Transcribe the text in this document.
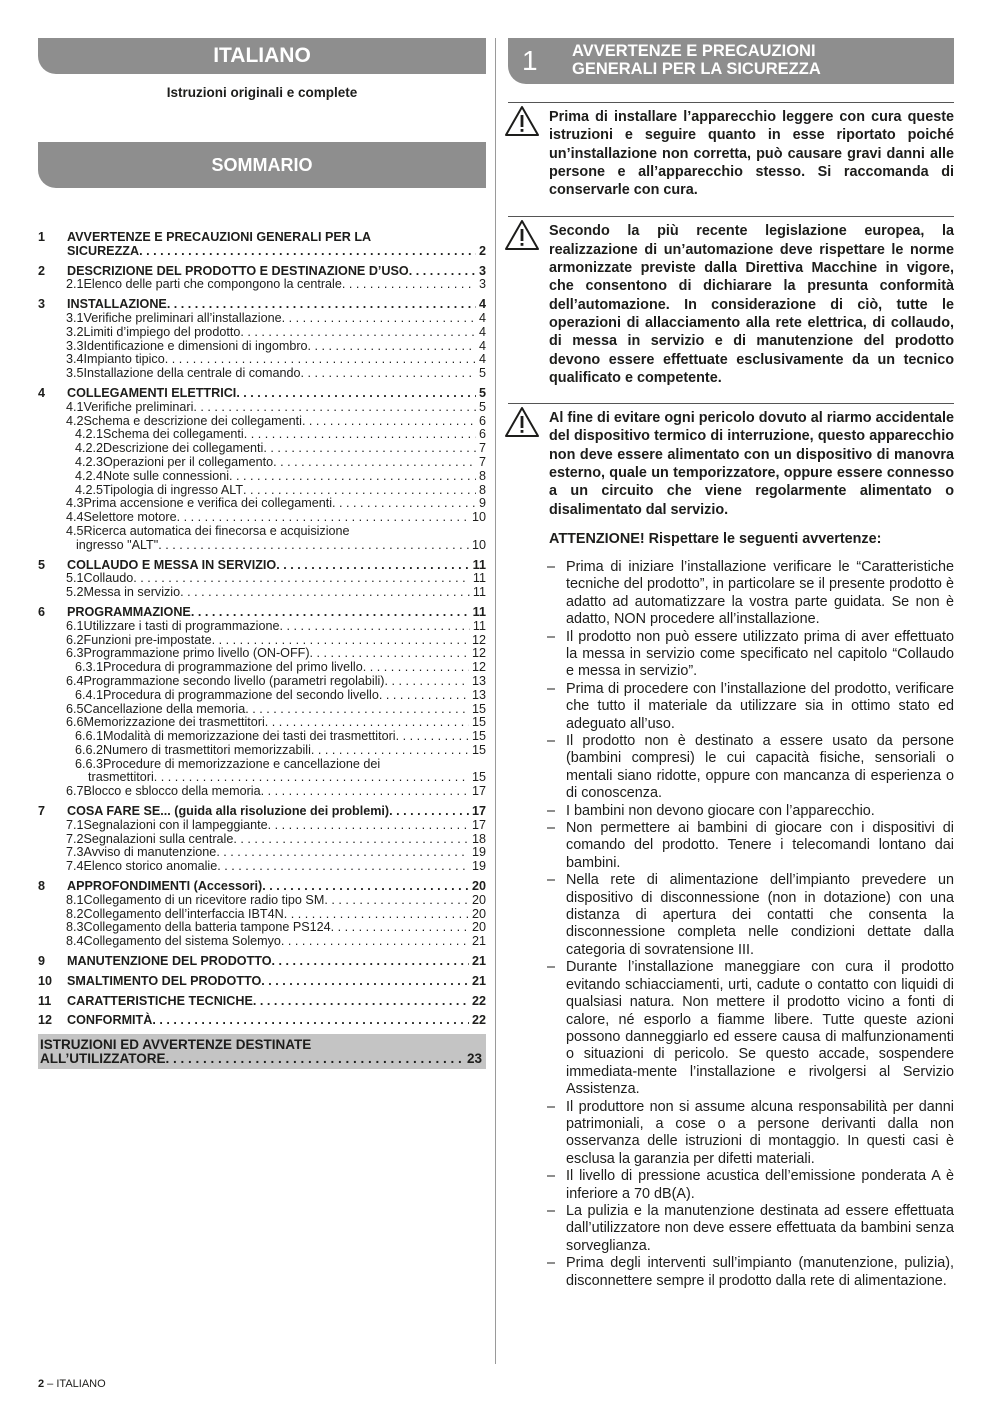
ITALIANO
Istruzioni originali e complete
SOMMARIO
1	AVVERTENZE E PRECAUZIONI GENERALI PER LA
SICUREZZA . . .	2
2	DESCRIZIONE DEL PRODOTTO E DESTINAZIONE D’USO . . .	3
2.1 Elenco delle parti che compongono la centrale . . .	3
3	INSTALLAZIONE . . .	4
3.1 Verifiche preliminari all’installazione . . .	4
3.2 Limiti d’impiego del prodotto . . .	4
3.3 Identificazione e dimensioni di ingombro . . .	4
3.4 Impianto tipico . . .	4
3.5 Installazione della centrale di comando . . .	5
4	COLLEGAMENTI ELETTRICI . . .	5
4.1 Verifiche preliminari . . .	5
4.2 Schema e descrizione dei collegamenti . . .	6
4.2.1 Schema dei collegamenti . . .	6
4.2.2 Descrizione dei collegamenti . . .	7
4.2.3 Operazioni per il collegamento . . .	7
4.2.4 Note sulle connessioni . . .	8
4.2.5 Tipologia di ingresso ALT . . .	8
4.3 Prima accensione e verifica dei collegamenti . . .	9
4.4 Selettore motore . . .	10
4.5 Ricerca automatica dei finecorsa e acquisizione
ingresso "ALT" . . .	10
5	COLLAUDO E MESSA IN SERVIZIO . . .	11
5.1 Collaudo . . .	11
5.2 Messa in servizio . . .	11
6	PROGRAMMAZIONE . . .	11
6.1 Utilizzare i tasti di programmazione . . .	11
6.2 Funzioni pre-impostate . . .	12
6.3 Programmazione primo livello (ON-OFF) . . .	12
6.3.1 Procedura di programmazione del primo livello . . .	12
6.4 Programmazione secondo livello (parametri regolabili) . . .	13
6.4.1 Procedura di programmazione del secondo livello . . .	13
6.5 Cancellazione della memoria . . .	15
6.6 Memorizzazione dei trasmettitori . . .	15
6.6.1 Modalità di memorizzazione dei tasti dei trasmettitori . . .	15
6.6.2 Numero di trasmettitori memorizzabili . . .	15
6.6.3 Procedure di memorizzazione e cancellazione dei
trasmettitori . . .	15
6.7 Blocco e sblocco della memoria . . .	17
7	COSA FARE SE... (guida alla risoluzione dei problemi) . . .	17
7.1 Segnalazioni con il lampeggiante . . .	17
7.2 Segnalazioni sulla centrale . . .	18
7.3 Avviso di manutenzione . . .	19
7.4 Elenco storico anomalie . . .	19
8	APPROFONDIMENTI (Accessori) . . .	20
8.1 Collegamento di un ricevitore radio tipo SM . . .	20
8.2 Collegamento dell’interfaccia IBT4N . . .	20
8.3 Collegamento della batteria tampone PS124 . . .	20
8.4 Collegamento del sistema Solemyo . . .	21
9	MANUTENZIONE DEL PRODOTTO . . .	21
10	SMALTIMENTO DEL PRODOTTO . . .	21
11	CARATTERISTICHE TECNICHE . . .	22
12	CONFORMITÀ . . .	22
ISTRUZIONI ED AVVERTENZE DESTINATE
ALL’UTILIZZATORE . . .	23
1 AVVERTENZE E PRECAUZIONI
GENERALI PER LA SICUREZZA
Prima di installare l’apparecchio leggere con cura queste istruzioni e seguire quanto in esse riportato poiché un’installazione non corretta, può causare gravi danni alle persone e all’apparecchio stesso. Si raccomanda di conservarle con cura.
Secondo la più recente legislazione europea, la realizzazione di un’automazione deve rispettare le norme armonizzate previste dalla Direttiva Macchine in vigore, che consentono di dichiarare la presunta conformità dell’automazione. In considerazione di ciò, tutte le operazioni di allacciamento alla rete elettrica, di collaudo, di messa in servizio e di manutenzione del prodotto devono essere effettuate esclusivamente da un tecnico qualificato e competente.
Al fine di evitare ogni pericolo dovuto al riarmo accidentale del dispositivo termico di interruzione, questo apparecchio non deve essere alimentato con un dispositivo di manovra esterno, quale un temporizzatore, oppure essere connesso a un circuito che viene regolarmente alimentato o disalimentato dal servizio.
ATTENZIONE! Rispettare le seguenti avvertenze:
– Prima di iniziare l’installazione verificare le “Caratteristiche tecniche del prodotto”, in particolare se il presente prodotto è adatto ad automatizzare la vostra parte guidata. Se non è adatto, NON procedere all’installazione.
– Il prodotto non può essere utilizzato prima di aver effettuato la messa in servizio come specificato nel capitolo “Collaudo e messa in servizio”.
– Prima di procedere con l’installazione del prodotto, verificare che tutto il materiale da utilizzare sia in ottimo stato ed adeguato all’uso.
– Il prodotto non è destinato a essere usato da persone (bambini compresi) le cui capacità fisiche, sensoriali o mentali siano ridotte, oppure con mancanza di esperienza o di conoscenza.
– I bambini non devono giocare con l’apparecchio.
– Non permettere ai bambini di giocare con i dispositivi di comando del prodotto. Tenere i telecomandi lontano dai bambini.
– Nella rete di alimentazione dell’impianto prevedere un dispositivo di disconnessione (non in dotazione) con una distanza di apertura dei contatti che consenta la disconnessione completa nelle condizioni dettate dalla categoria di sovratensione III.
– Durante l’installazione maneggiare con cura il prodotto evitando schiacciamenti, urti, cadute o contatto con liquidi di qualsiasi natura. Non mettere il prodotto vicino a fonti di calore, né esporlo a fiamme libere. Tutte queste azioni possono danneggiarlo ed essere causa di malfunzionamenti o situazioni di pericolo. Se questo accade, sospendere immediata-mente l’installazione e rivolgersi al Servizio Assistenza.
– Il produttore non si assume alcuna responsabilità per danni patrimoniali, a cose o a persone derivanti dalla non osservanza delle istruzioni di montaggio. In questi casi è esclusa la garanzia per difetti materiali.
– Il livello di pressione acustica dell’emissione ponderata A è inferiore a 70 dB(A).
– La pulizia e la manutenzione destinata ad essere effettuata dall’utilizzatore non deve essere effettuata da bambini senza sorveglianza.
– Prima degli interventi sull’impianto (manutenzione, pulizia), disconnettere sempre il prodotto dalla rete di alimentazione.
2 – ITALIANO
